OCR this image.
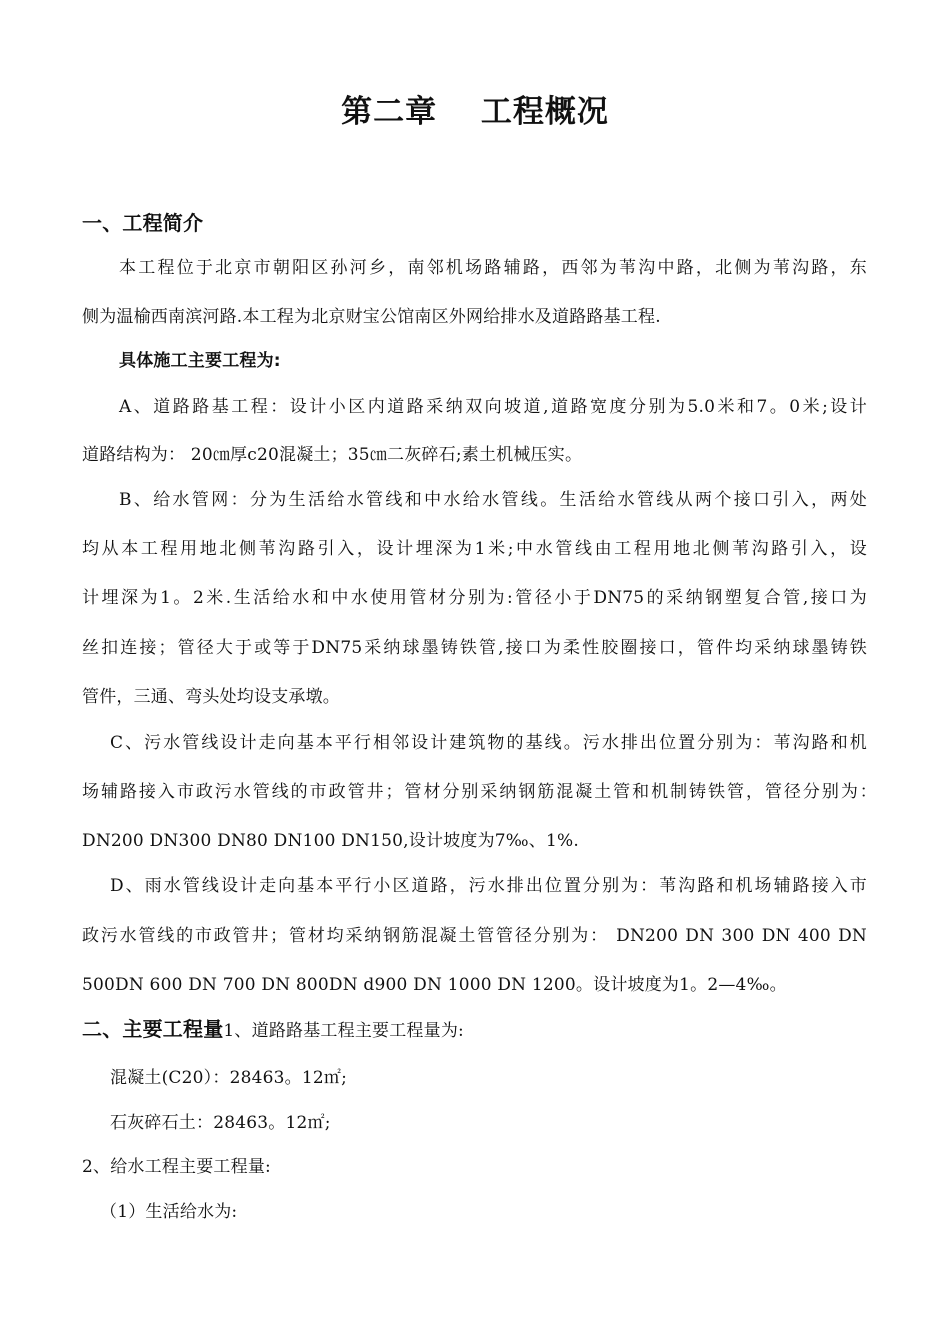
第二章　 工程概况
一、工程简介
本工程位于北京市朝阳区孙河乡，南邻机场路辅路，西邻为苇沟中路，北侧为苇沟路，东
侧为温榆西南滨河路.本工程为北京财宝公馆南区外网给排水及道路路基工程.
具体施工主要工程为:
A、道路路基工程：设计小区内道路采纳双向坡道,道路宽度分别为5.0米和7。0米;设计
道路结构为： 20㎝厚c20混凝土；35㎝二灰碎石;素土机械压实。
B、给水管网：分为生活给水管线和中水给水管线。生活给水管线从两个接口引入，两处
均从本工程用地北侧苇沟路引入，设计埋深为1米;中水管线由工程用地北侧苇沟路引入，设
计埋深为1。2米.生活给水和中水使用管材分别为:管径小于DN75的采纳钢塑复合管,接口为
丝扣连接；管径大于或等于DN75采纳球墨铸铁管,接口为柔性胶圈接口，管件均采纳球墨铸铁
管件，三通、弯头处均设支承墩。
C、污水管线设计走向基本平行相邻设计建筑物的基线。污水排出位置分别为：苇沟路和机
场辅路接入市政污水管线的市政管井；管材分别采纳钢筋混凝土管和机制铸铁管，管径分别为：
DN200 DN300 DN80 DN100 DN150,设计坡度为7‰、1%.
D、雨水管线设计走向基本平行小区道路，污水排出位置分别为：苇沟路和机场辅路接入市
政污水管线的市政管井；管材均采纳钢筋混凝土管管径分别为： DN200 DN 300 DN 400 DN
500DN 600 DN 700 DN 800DN d900 DN 1000 DN 1200。设计坡度为1。2—4‰。
二、主要工程量1、道路路基工程主要工程量为:
混凝土(C20）：28463。12㎡;
石灰碎石土：28463。12㎡;
2、给水工程主要工程量:
（1）生活给水为:
